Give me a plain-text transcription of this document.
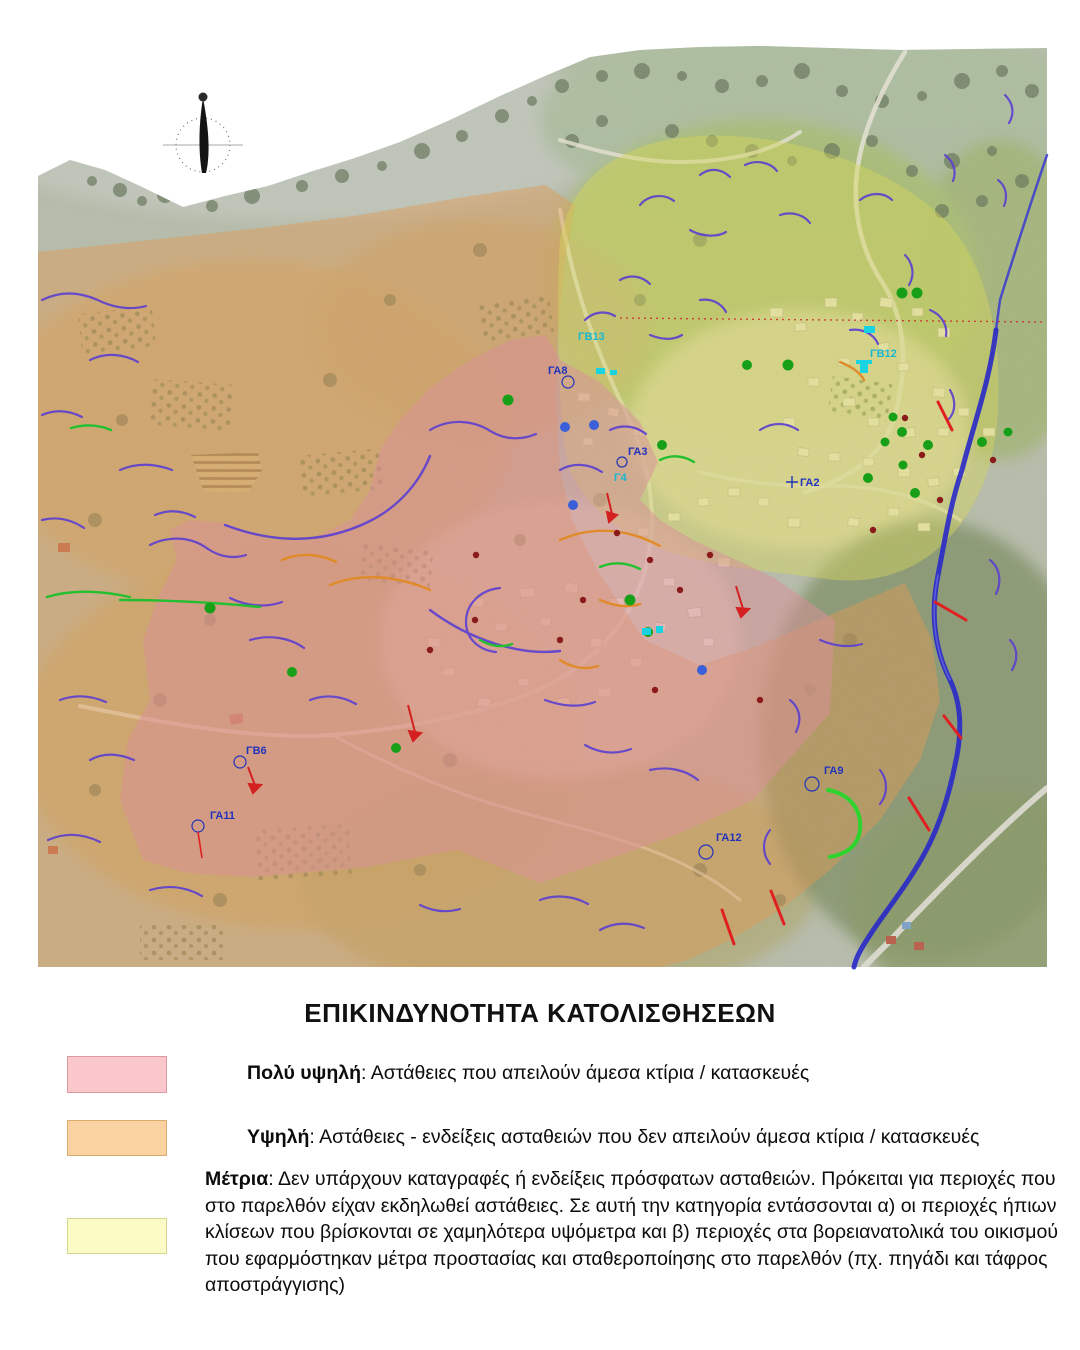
ΓΑ8
ΓΑ2
ΓΑ3
ΓΑ9
ΓΑ11
ΓΑ12
ΓΒ6
ΓΒ12
ΓΒ13
Γ4
ΕΠΙΚΙΝΔΥΝΟΤΗΤΑ ΚΑΤΟΛΙΣΘΗΣΕΩΝ
Πολύ υψηλή: Αστάθειες που απειλούν άμεσα κτίρια / κατασκευές
Υψηλή: Αστάθειες - ενδείξεις ασταθειών που δεν απειλούν άμεσα κτίρια / κατασκευές
Μέτρια: Δεν υπάρχουν καταγραφές ή ενδείξεις πρόσφατων ασταθειών. Πρόκειται για περιοχές που στο παρελθόν είχαν εκδηλωθεί αστάθειες. Σε αυτή την κατηγορία εντάσσονται α) οι περιοχές ήπιων κλίσεων που βρίσκονται σε χαμηλότερα υψόμετρα και β) περιοχές στα βορειανατολικά του οικισμού που εφαρμόστηκαν μέτρα προστασίας και σταθεροποίησης στο παρελθόν (πχ. πηγάδι και τάφρος αποστράγγισης)
